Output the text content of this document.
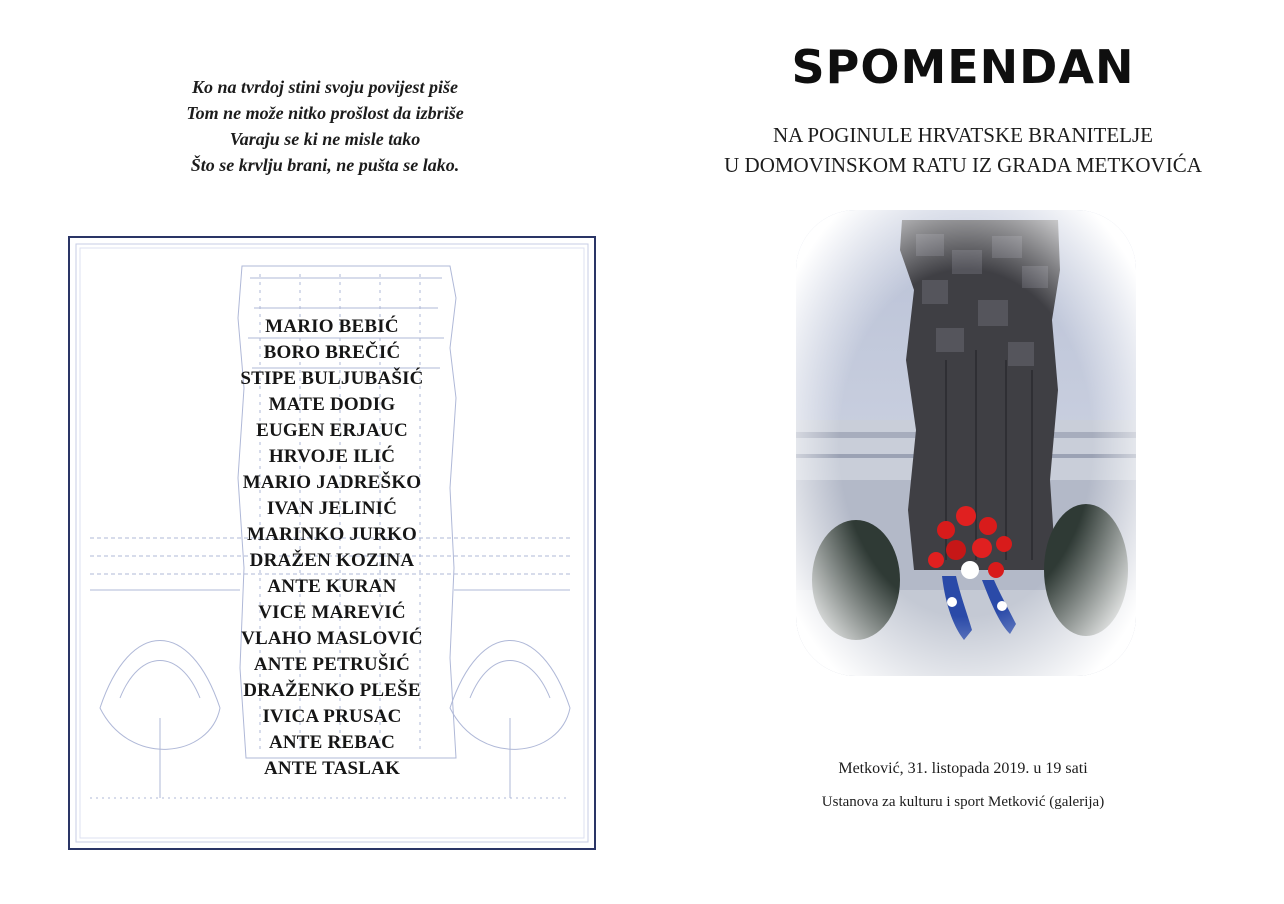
Ko na tvrdoj stini svoju povijest piše
Tom ne može nitko prošlost da izbriše
Varaju se ki ne misle tako
Što se krvlju brani, ne pušta se lako.
MARIO BEBIĆ
BORO BREČIĆ
STIPE BULJUBAŠIĆ
MATE DODIG
EUGEN ERJAUC
HRVOJE ILIĆ
MARIO JADREŠKO
IVAN JELINIĆ
MARINKO JURKO
DRAŽEN KOZINA
ANTE KURAN
VICE MAREVIĆ
VLAHO MASLOVIĆ
ANTE PETRUŠIĆ
DRAŽENKO PLEŠE
IVICA PRUSAC
ANTE REBAC
ANTE TASLAK
SPOMENDAN
NA POGINULE HRVATSKE BRANITELJE
U DOMOVINSKOM RATU IZ GRADA METKOVIĆA
Metković, 31. listopada 2019. u 19 sati
Ustanova za kulturu i sport Metković (galerija)
